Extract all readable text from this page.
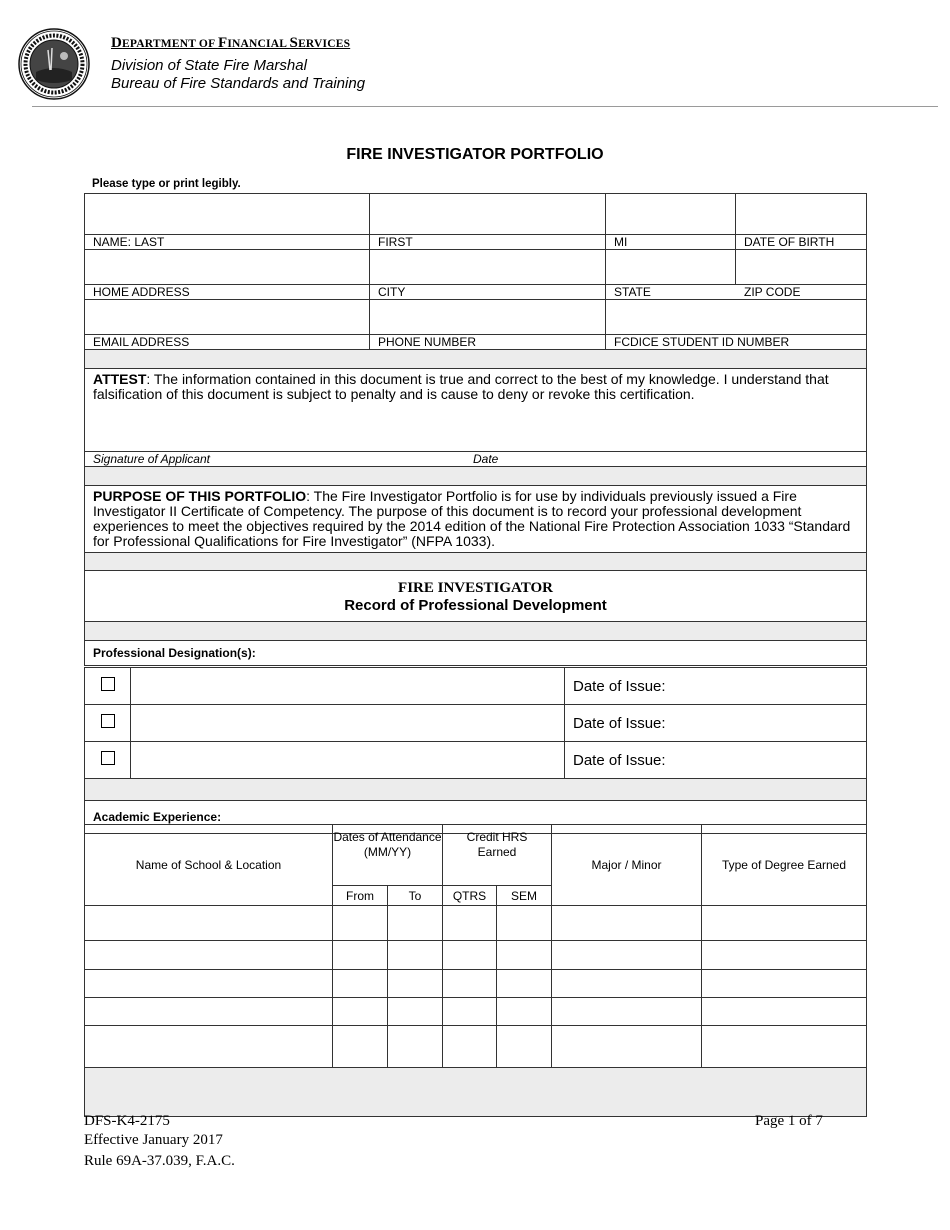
DEPARTMENT OF FINANCIAL SERVICES
Division of State Fire Marshal
Bureau of Fire Standards and Training
FIRE INVESTIGATOR PORTFOLIO
Please type or print legibly.

NAME: LAST	FIRST	MI	DATE OF BIRTH

HOME ADDRESS	CITY	STATE ZIP CODE	

EMAIL ADDRESS	PHONE NUMBER	FCDICE STUDENT ID NUMBER	

ATTEST: The information contained in this document is true and correct to the best of my knowledge. I understand that falsification of this document is subject to penalty and is cause to deny or revoke this certification.			
Signature of Applicant Date			

PURPOSE OF THIS PORTFOLIO: The Fire Investigator Portfolio is for use by individuals previously issued a Fire Investigator II Certificate of Competency. The purpose of this document is to record your professional development experiences to meet the objectives required by the 2014 edition of the National Fire Protection Association 1033 “Standard for Professional Qualifications for Fire Investigator” (NFPA 1033).			

FIRE INVESTIGATOR
Record of Professional Development			

Professional Designation(s):			
		Date of Issue:
		Date of Issue:
		Date of Issue:

Academic Experience:		
Name of School & Location	Dates of Attendance (MM/YY)		Credit HRS Earned		Major / Minor	Type of Degree Earned
	From	To	QTRS	SEM		

DFS-K4-2175
Effective January 2017
Rule 69A-37.039, F.A.C.
Page 1 of 7
